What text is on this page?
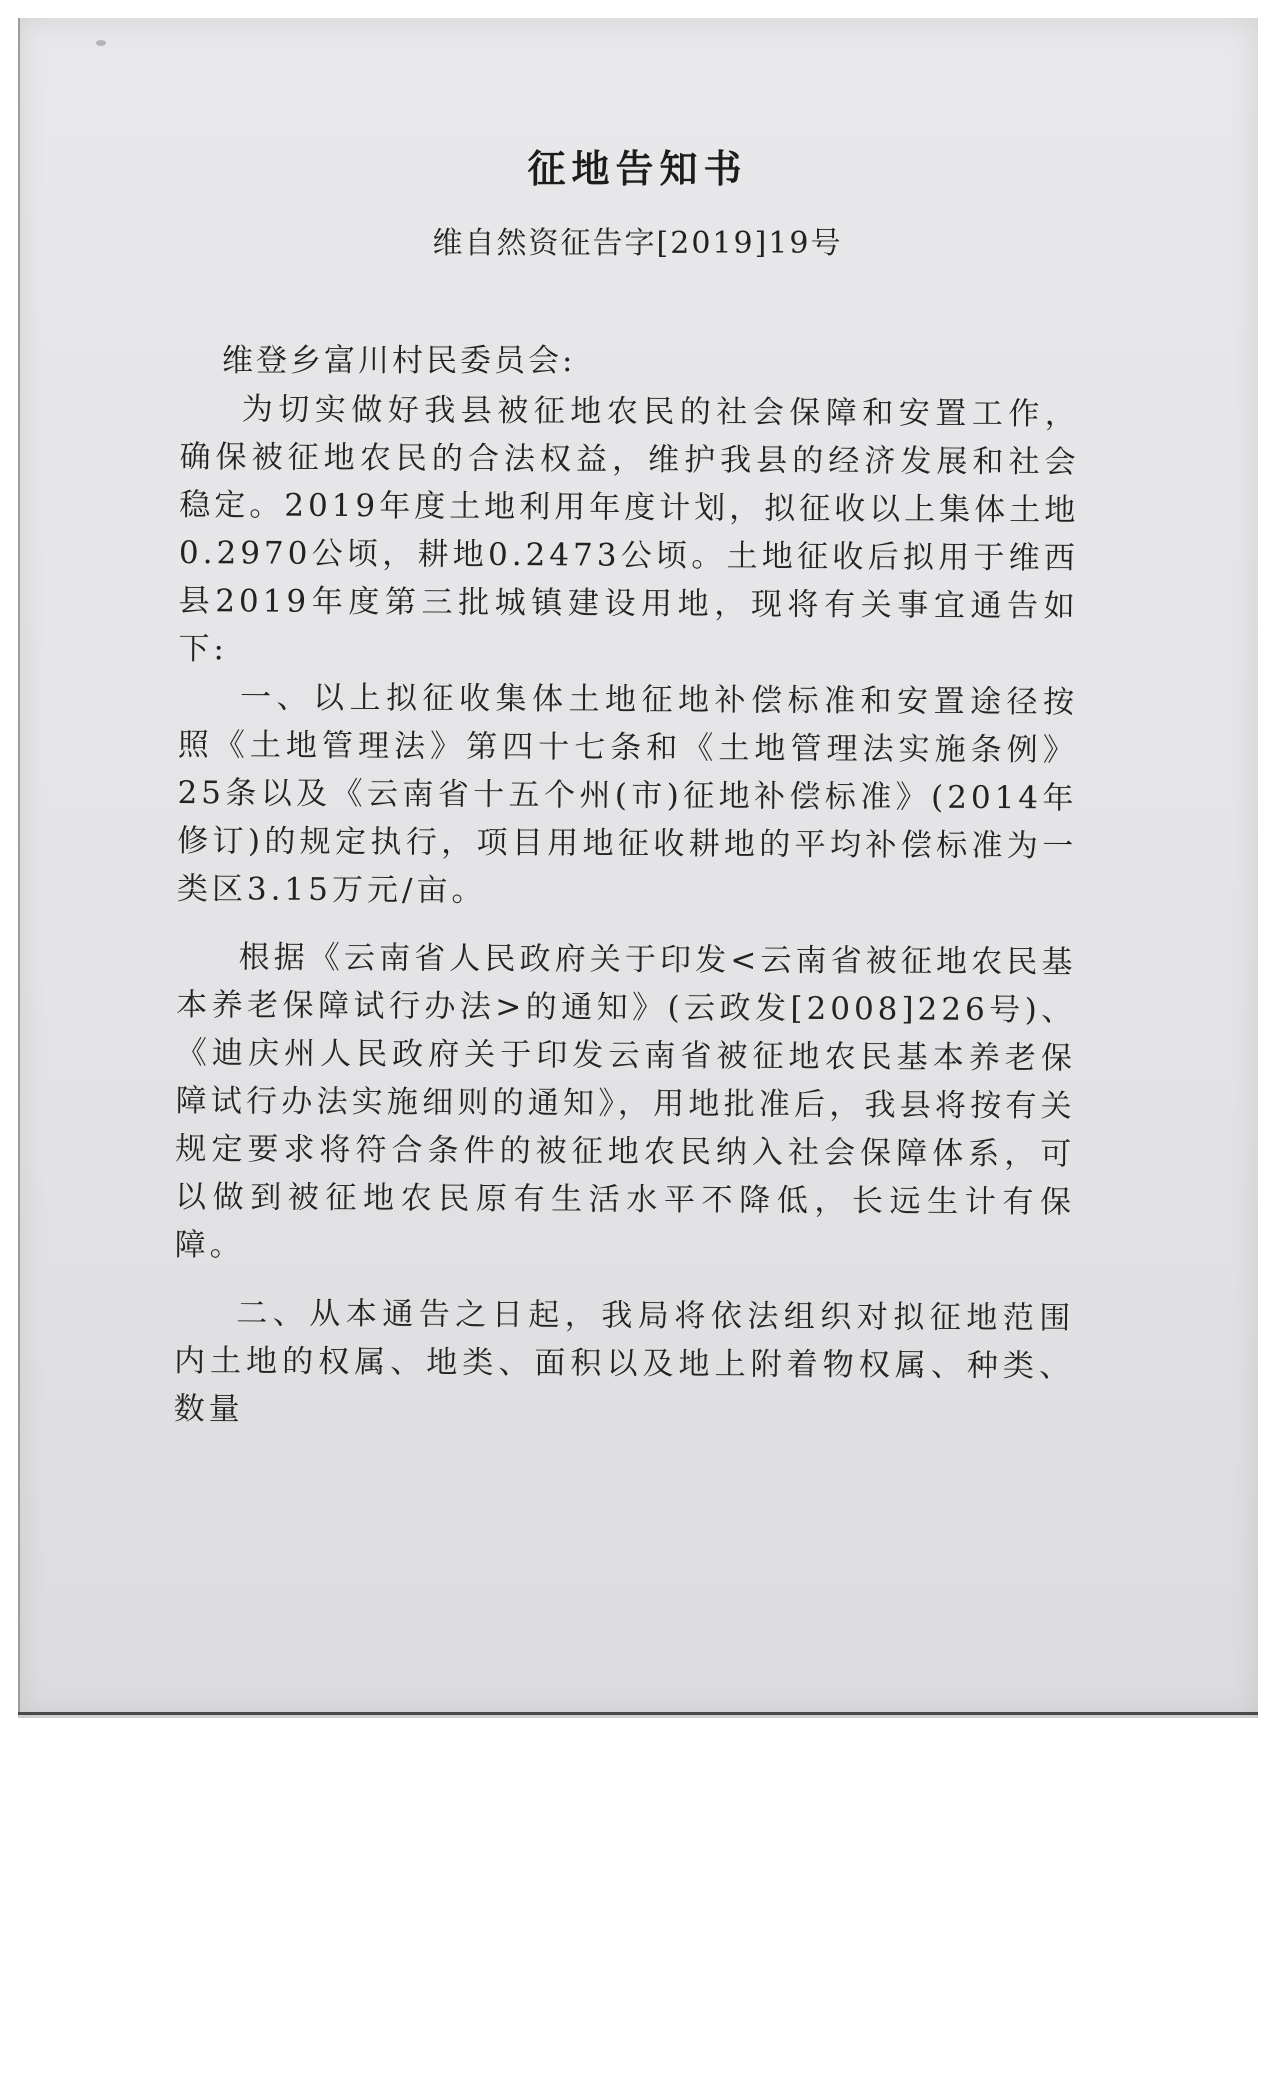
征地告知书
维自然资征告字[2019]19号
维登乡富川村民委员会:

为切实做好我县被征地农民的社会保障和安置工作，确保被征地农民的合法权益，维护我县的经济发展和社会稳定。2019年度土地利用年度计划，拟征收以上集体土地0.2970公顷，耕地0.2473公顷。土地征收后拟用于维西县2019年度第三批城镇建设用地，现将有关事宜通告如下:

一、以上拟征收集体土地征地补偿标准和安置途径按照《土地管理法》第四十七条和《土地管理法实施条例》25条以及《云南省十五个州(市)征地补偿标准》(2014年修订)的规定执行，项目用地征收耕地的平均补偿标准为一类区3.15万元/亩。

根据《云南省人民政府关于印发<云南省被征地农民基本养老保障试行办法>的通知》(云政发[2008]226号)、《迪庆州人民政府关于印发云南省被征地农民基本养老保障试行办法实施细则的通知》，用地批准后，我县将按有关规定要求将符合条件的被征地农民纳入社会保障体系，可以做到被征地农民原有生活水平不降低，长远生计有保障。

二、从本通告之日起，我局将依法组织对拟征地范围内土地的权属、地类、面积以及地上附着物权属、种类、数量
